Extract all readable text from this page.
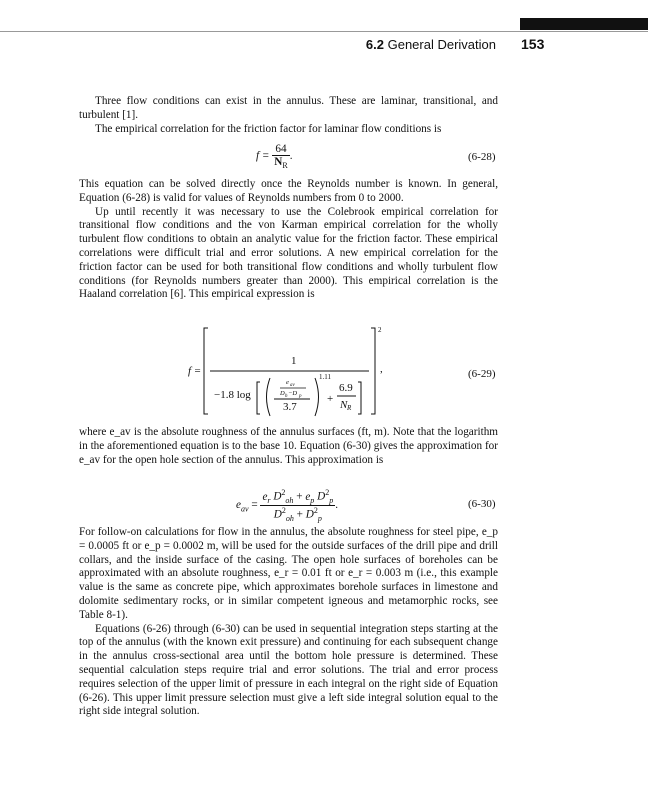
6.2 General Derivation 153

Three flow conditions can exist in the annulus. These are laminar, transitional, and turbulent [1].

The empirical correlation for the friction factor for laminar flow conditions is

$f = \frac{64}{N_R}$ .	(6-28)

This equation can be solved directly once the Reynolds number is known. In general, Equation (6-28) is valid for values of Reynolds numbers from 0 to 2000.

Up until recently it was necessary to use the Colebrook empirical correlation for transitional flow conditions and the von Karman empirical correlation for the wholly turbulent flow conditions to obtain an analytic value for the friction factor. These empirical correlations were difficult trial and error solutions. A new empirical correlation for the friction factor can be used for both transitional flow conditions and wholly turbulent flow conditions (for Reynolds numbers greater than 2000). This empirical correlation is the Haaland correlation [6]. This empirical expression is

f =
2
,
1
−1.8 log
1.11
e av
D h −D p
3.7
+
6.9
N R
(6-29)

where e_av is the absolute roughness of the annulus surfaces (ft, m). Note that the logarithm in the aforementioned equation is to the base 10. Equation (6-30) gives the approximation for e_av for the open hole section of the annulus. This approximation is

$e_{av} = \frac{e_r D^2_{oh} + e_p D^2_p}{D^2_{oh} + D^2_p}$ .	(6-30)

For follow-on calculations for flow in the annulus, the absolute roughness for steel pipe, e_p = 0.0005 ft or e_p = 0.0002 m, will be used for the outside surfaces of the drill pipe and drill collars, and the inside surface of the casing. The open hole surfaces of boreholes can be approximated with an absolute roughness, e_r = 0.01 ft or e_r = 0.003 m (i.e., this example value is the same as concrete pipe, which approximates borehole surfaces in limestone and dolomite sedimentary rocks, or in similar competent igneous and metamorphic rocks, see Table 8-1).

Equations (6-26) through (6-30) can be used in sequential integration steps starting at the top of the annulus (with the known exit pressure) and continuing for each subsequent change in the annulus cross-sectional area until the bottom hole pressure is determined. These sequential calculation steps require trial and error solutions. The trial and error process requires selection of the upper limit of pressure in each integral on the right side of Equation (6-26). This upper limit pressure selection must give a left side integral solution equal to the right side integral solution.
